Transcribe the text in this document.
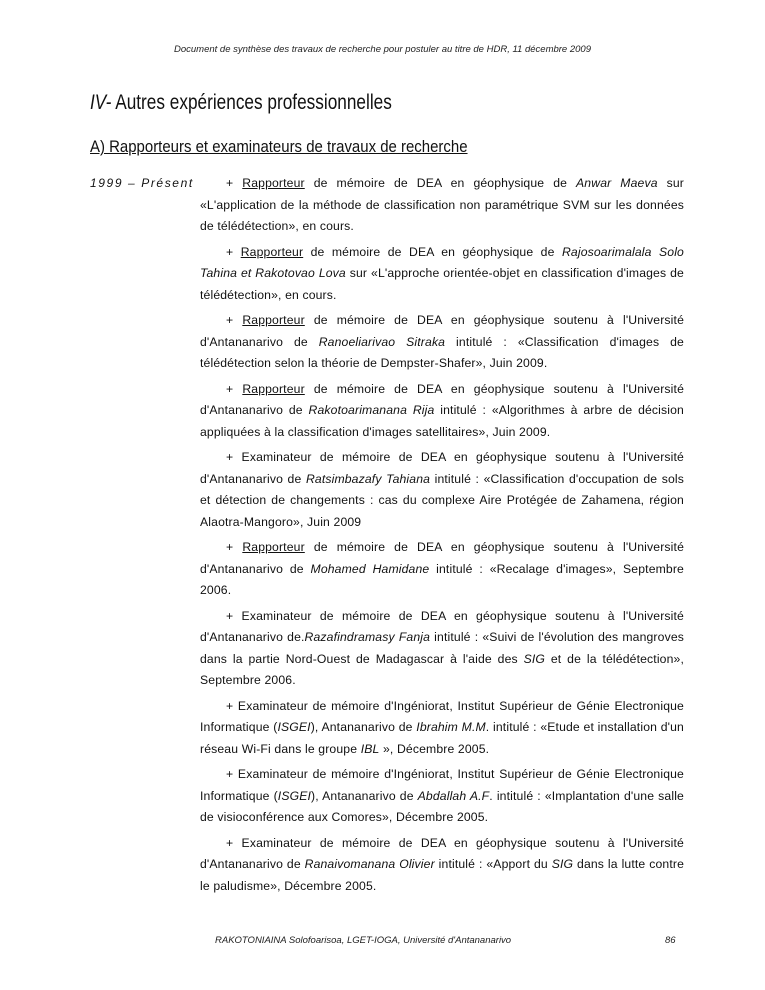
Document de synthèse des travaux de recherche pour postuler au titre de HDR, 11 décembre 2009
IV- Autres expériences professionnelles
A) Rapporteurs et examinateurs de travaux de recherche
1999 – Présent	+ Rapporteur de mémoire de DEA en géophysique de Anwar Maeva sur «L'application de la méthode de classification non paramétrique SVM sur les données de télédétection», en cours.

+ Rapporteur de mémoire de DEA en géophysique de Rajosoarimalala Solo Tahina et Rakotovao Lova sur «L'approche orientée-objet en classification d'images de télédétection», en cours.

+ Rapporteur de mémoire de DEA en géophysique soutenu à l'Université d'Antananarivo de Ranoeliarivao Sitraka intitulé : «Classification d'images de télédétection selon la théorie de Dempster-Shafer», Juin 2009.

+ Rapporteur de mémoire de DEA en géophysique soutenu à l'Université d'Antananarivo de Rakotoarimanana Rija intitulé : «Algorithmes à arbre de décision appliquées à la classification d'images satellitaires», Juin 2009.

+ Examinateur de mémoire de DEA en géophysique soutenu à l'Université d'Antananarivo de Ratsimbazafy Tahiana intitulé : «Classification d'occupation de sols et détection de changements : cas du complexe Aire Protégée de Zahamena, région Alaotra-Mangoro», Juin 2009

+ Rapporteur de mémoire de DEA en géophysique soutenu à l'Université d'Antananarivo de Mohamed Hamidane intitulé : «Recalage d'images», Septembre 2006.

+ Examinateur de mémoire de DEA en géophysique soutenu à l'Université d'Antananarivo de.Razafindramasy Fanja intitulé : «Suivi de l'évolution des mangroves dans la partie Nord-Ouest de Madagascar à l'aide des SIG et de la télédétection», Septembre 2006.

+ Examinateur de mémoire d'Ingéniorat, Institut Supérieur de Génie Electronique Informatique (ISGEI), Antananarivo de Ibrahim M.M. intitulé : «Etude et installation d'un réseau Wi-Fi dans le groupe IBL », Décembre 2005.

+ Examinateur de mémoire d'Ingéniorat, Institut Supérieur de Génie Electronique Informatique (ISGEI), Antananarivo de Abdallah A.F. intitulé : «Implantation d'une salle de visioconférence aux Comores», Décembre 2005.

+ Examinateur de mémoire de DEA en géophysique soutenu à l'Université d'Antananarivo de Ranaivomanana Olivier intitulé : «Apport du SIG dans la lutte contre le paludisme», Décembre 2005.

RAKOTONIAINA Solofoarisoa, LGET-IOGA, Université d'Antananarivo	86
